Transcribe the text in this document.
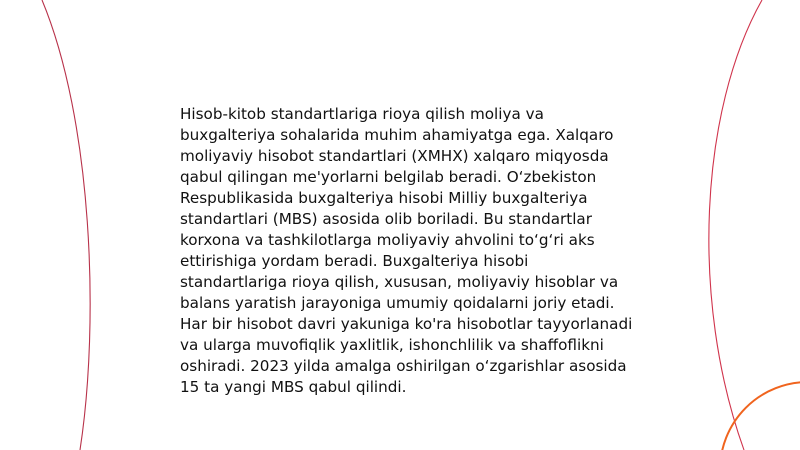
Hisob-kitob standartlariga rioya qilish moliya va buxgalteriya sohalarida muhim ahamiyatga ega. Xalqaro moliyaviy hisobot standartlari (XMHX) xalqaro miqyosda qabul qilingan me'yorlarni belgilab beradi. O‘zbekiston Respublikasida buxgalteriya hisobi Milliy buxgalteriya standartlari (MBS) asosida olib boriladi. Bu standartlar korxona va tashkilotlarga moliyaviy ahvolini to‘g‘ri aks ettirishiga yordam beradi. Buxgalteriya hisobi standartlariga rioya qilish, xususan, moliyaviy hisoblar va balans yaratish jarayoniga umumiy qoidalarni joriy etadi. Har bir hisobot davri yakuniga ko'ra hisobotlar tayyorlanadi va ularga muvofiqlik yaxlitlik, ishonchlilik va shaffoflikni oshiradi. 2023 yilda amalga oshirilgan o‘zgarishlar asosida 15 ta yangi MBS qabul qilindi.
